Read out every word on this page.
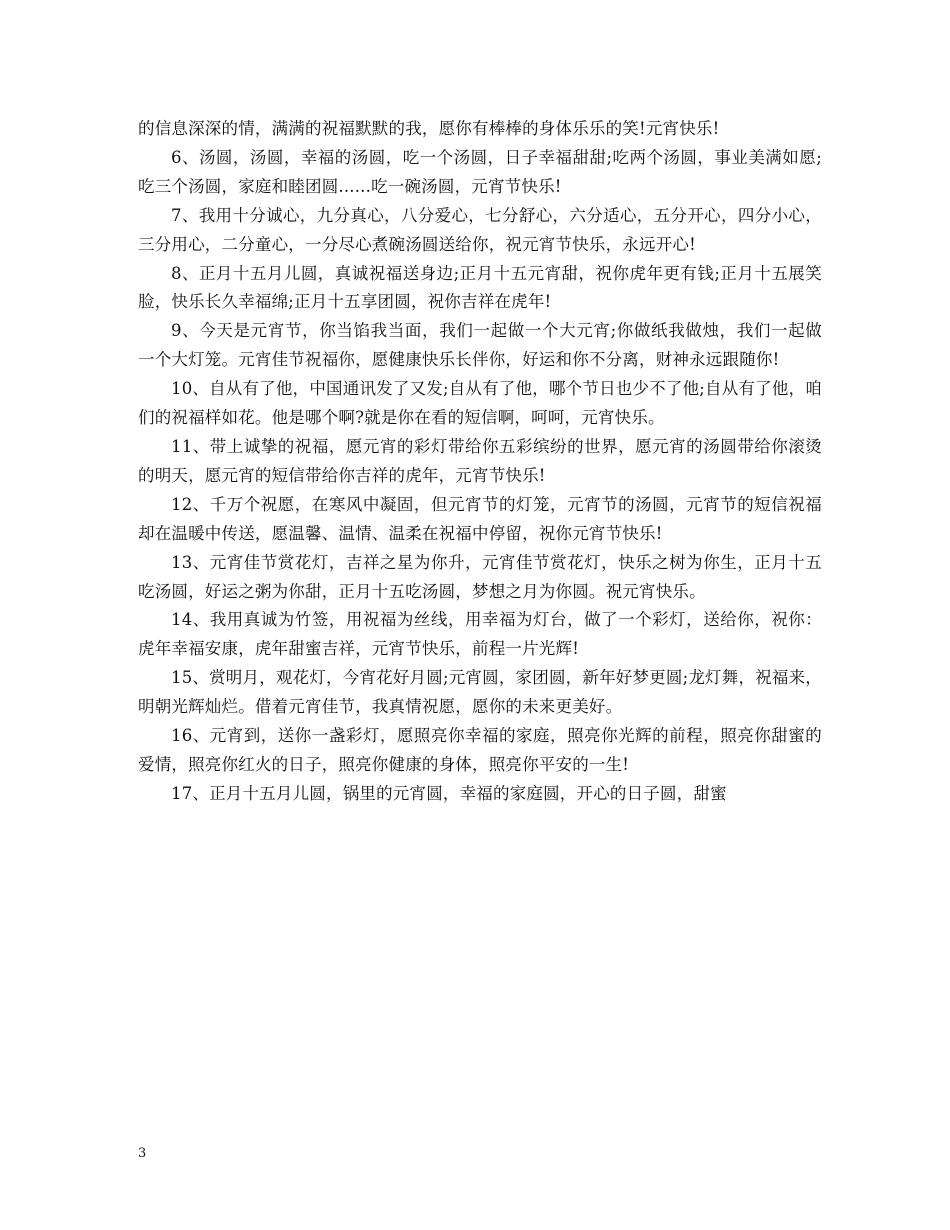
的信息深深的情，满满的祝福默默的我，愿你有棒棒的身体乐乐的笑!元宵快乐!

6、汤圆，汤圆，幸福的汤圆，吃一个汤圆，日子幸福甜甜;吃两个汤圆，事业美满如愿;吃三个汤圆，家庭和睦团圆......吃一碗汤圆，元宵节快乐!

7、我用十分诚心，九分真心，八分爱心，七分舒心，六分适心，五分开心，四分小心，三分用心，二分童心，一分尽心煮碗汤圆送给你，祝元宵节快乐，永远开心!

8、正月十五月儿圆，真诚祝福送身边;正月十五元宵甜，祝你虎年更有钱;正月十五展笑脸，快乐长久幸福绵;正月十五享团圆，祝你吉祥在虎年!

9、今天是元宵节，你当馅我当面，我们一起做一个大元宵;你做纸我做烛，我们一起做一个大灯笼。元宵佳节祝福你，愿健康快乐长伴你，好运和你不分离，财神永远跟随你!

10、自从有了他，中国通讯发了又发;自从有了他，哪个节日也少不了他;自从有了他，咱们的祝福样如花。他是哪个啊?就是你在看的短信啊，呵呵，元宵快乐。

11、带上诚挚的祝福，愿元宵的彩灯带给你五彩缤纷的世界，愿元宵的汤圆带给你滚烫的明天，愿元宵的短信带给你吉祥的虎年，元宵节快乐!

12、千万个祝愿，在寒风中凝固，但元宵节的灯笼，元宵节的汤圆，元宵节的短信祝福却在温暖中传送，愿温馨、温情、温柔在祝福中停留，祝你元宵节快乐!

13、元宵佳节赏花灯，吉祥之星为你升，元宵佳节赏花灯，快乐之树为你生，正月十五吃汤圆，好运之粥为你甜，正月十五吃汤圆，梦想之月为你圆。祝元宵快乐。

14、我用真诚为竹签，用祝福为丝线，用幸福为灯台，做了一个彩灯，送给你，祝你：虎年幸福安康，虎年甜蜜吉祥，元宵节快乐，前程一片光辉!

15、赏明月，观花灯，今宵花好月圆;元宵圆，家团圆，新年好梦更圆;龙灯舞，祝福来，明朝光辉灿烂。借着元宵佳节，我真情祝愿，愿你的未来更美好。

16、元宵到，送你一盏彩灯，愿照亮你幸福的家庭，照亮你光辉的前程，照亮你甜蜜的爱情，照亮你红火的日子，照亮你健康的身体，照亮你平安的一生!

17、正月十五月儿圆，锅里的元宵圆，幸福的家庭圆，开心的日子圆，甜蜜

3
